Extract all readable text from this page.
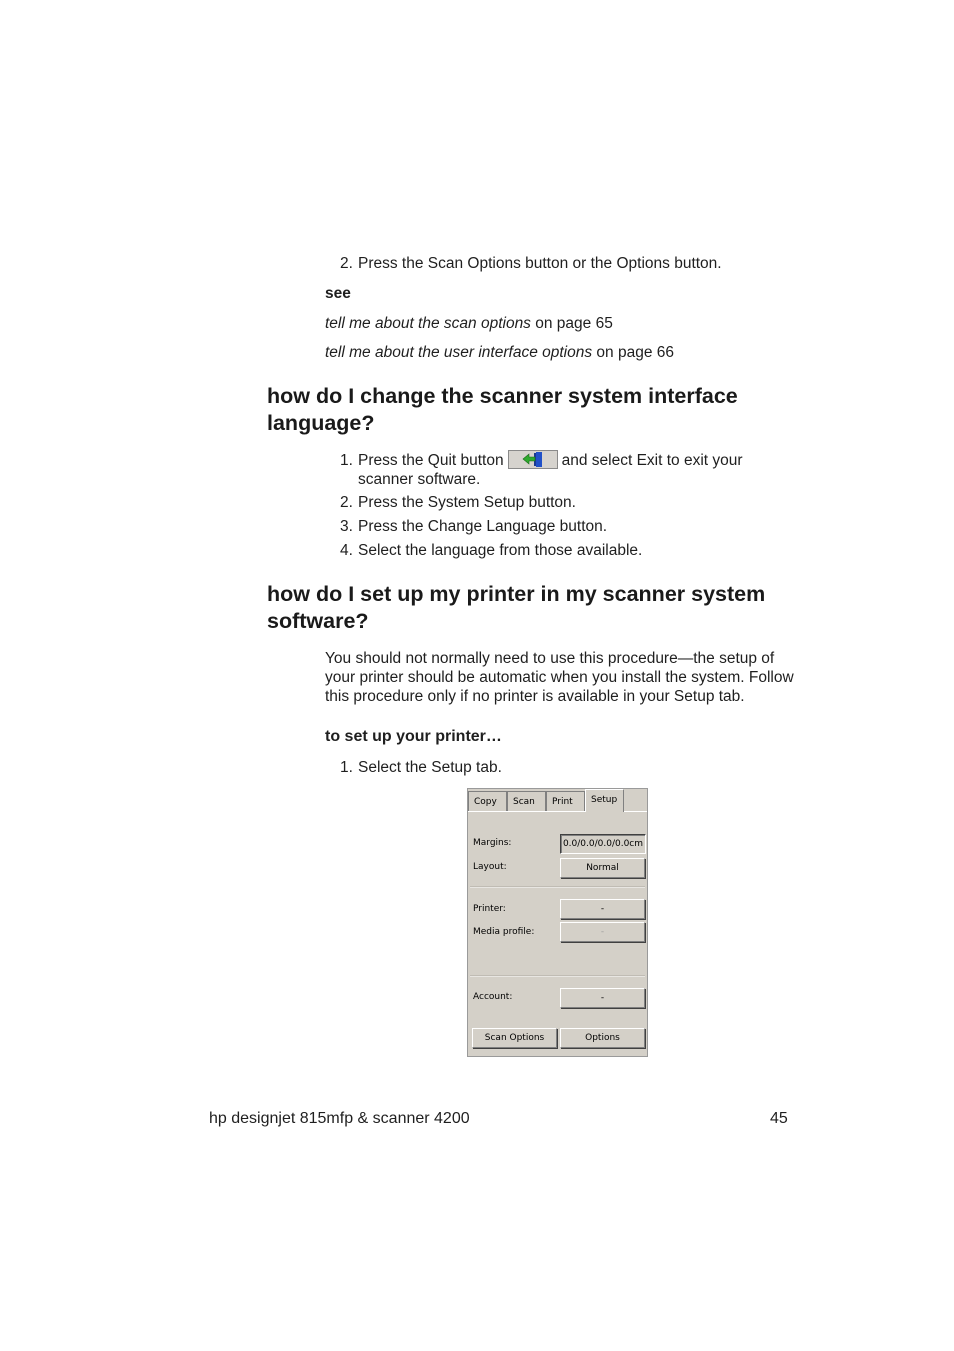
2. Press the Scan Options button or the Options button.
see
tell me about the scan options on page 65
tell me about the user interface options on page 66
how do I change the scanner system interface
language?
1. Press the Quit button	and select Exit to exit your
scanner software.
2. Press the System Setup button.
3. Press the Change Language button.
4. Select the language from those available.
how do I set up my printer in my scanner system
software?
You should not normally need to use this procedure—the setup of
your printer should be automatic when you install the system. Follow
this procedure only if no printer is available in your Setup tab.
to set up your printer…
1. Select the Setup tab.
Copy	Scan	Print	Setup
Margins:	0.0/0.0/0.0/0.0cm
Layout:	Normal
Printer:	-
Media profile:	-
Account:	-
Scan Options	Options
hp designjet 815mfp & scanner 4200	45
